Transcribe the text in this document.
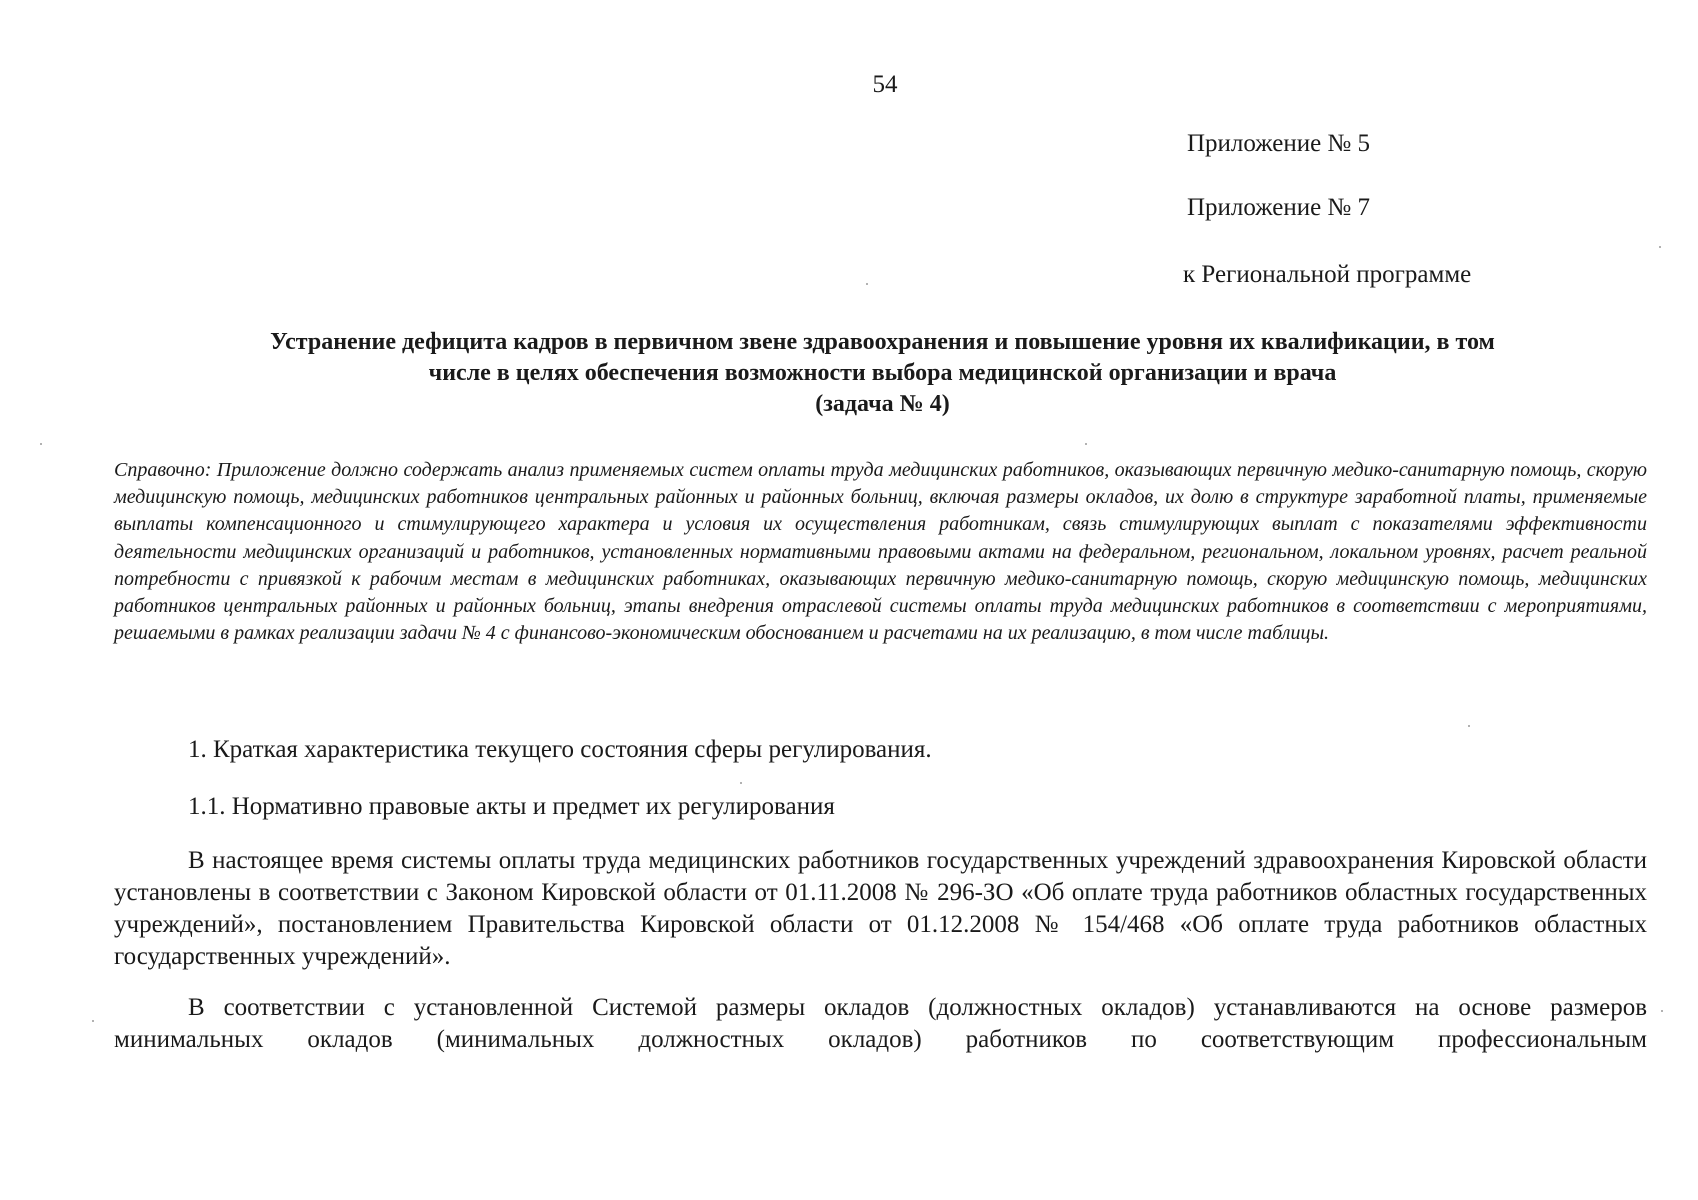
54
Приложение № 5
Приложение № 7
к Региональной программе
Устранение дефицита кадров в первичном звене здравоохранения и повышение уровня их квалификации, в том
числе в целях обеспечения возможности выбора медицинской организации и врача
(задача № 4)
Справочно: Приложение должно содержать анализ применяемых систем оплаты труда медицинских работников, оказывающих первичную медико-санитарную помощь, скорую медицинскую помощь, медицинских работников центральных районных и районных больниц, включая размеры окладов, их долю в структуре заработной платы, применяемые выплаты компенсационного и стимулирующего характера и условия их осуществления работникам, связь стимулирующих выплат с показателями эффективности деятельности медицинских организаций и работников, установленных нормативными правовыми актами на федеральном, региональном, локальном уровнях, расчет реальной потребности с привязкой к рабочим местам в медицинских работниках, оказывающих первичную медико-санитарную помощь, скорую медицинскую помощь, медицинских работников центральных районных и районных больниц, этапы внедрения отраслевой системы оплаты труда медицинских работников в соответствии с мероприятиями, решаемыми в рамках реализации задачи № 4 с финансово-экономическим обоснованием и расчетами на их реализацию, в том числе таблицы.
1. Краткая характеристика текущего состояния сферы регулирования.
1.1. Нормативно правовые акты и предмет их регулирования
В настоящее время системы оплаты труда медицинских работников государственных учреждений здравоохранения Кировской области установлены в соответствии с Законом Кировской области от 01.11.2008 № 296-ЗО «Об оплате труда работников областных государственных учреждений», постановлением Правительства Кировской области от 01.12.2008 № 154/468 «Об оплате труда работников областных государственных учреждений».
В соответствии с установленной Системой размеры окладов (должностных окладов) устанавливаются на основе размеров минимальных окладов (минимальных должностных окладов) работников по соответствующим профессиональным
